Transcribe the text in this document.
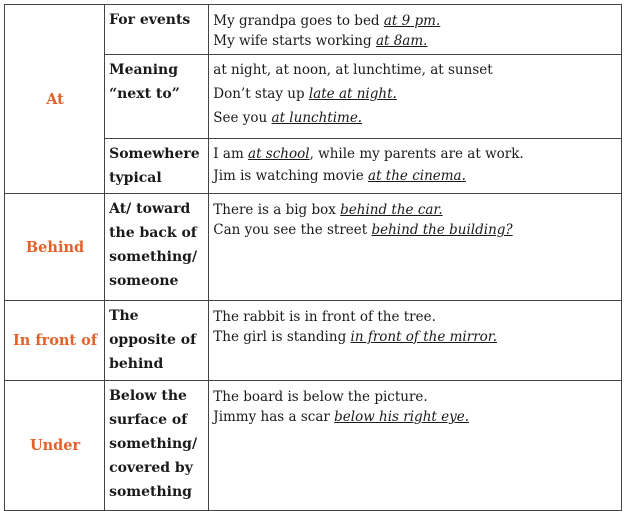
At	For events	My grandpa goes to bed at 9 pm.
My wife starts working at 8am.

	Meaning “next to”	at night, at noon, at lunchtime, at sunset
Don’t stay up late at night.
See you at lunchtime.

	Somewhere typical	I am at school, while my parents are at work.
Jim is watching movie at the cinema.

Behind	At/ toward the back of something/ someone	There is a big box behind the car.
Can you see the street behind the building?

In front of	The opposite of behind	The rabbit is in front of the tree.
The girl is standing in front of the mirror.

Under	Below the surface of something/ covered by something	The board is below the picture.
Jimmy has a scar below his right eye.
